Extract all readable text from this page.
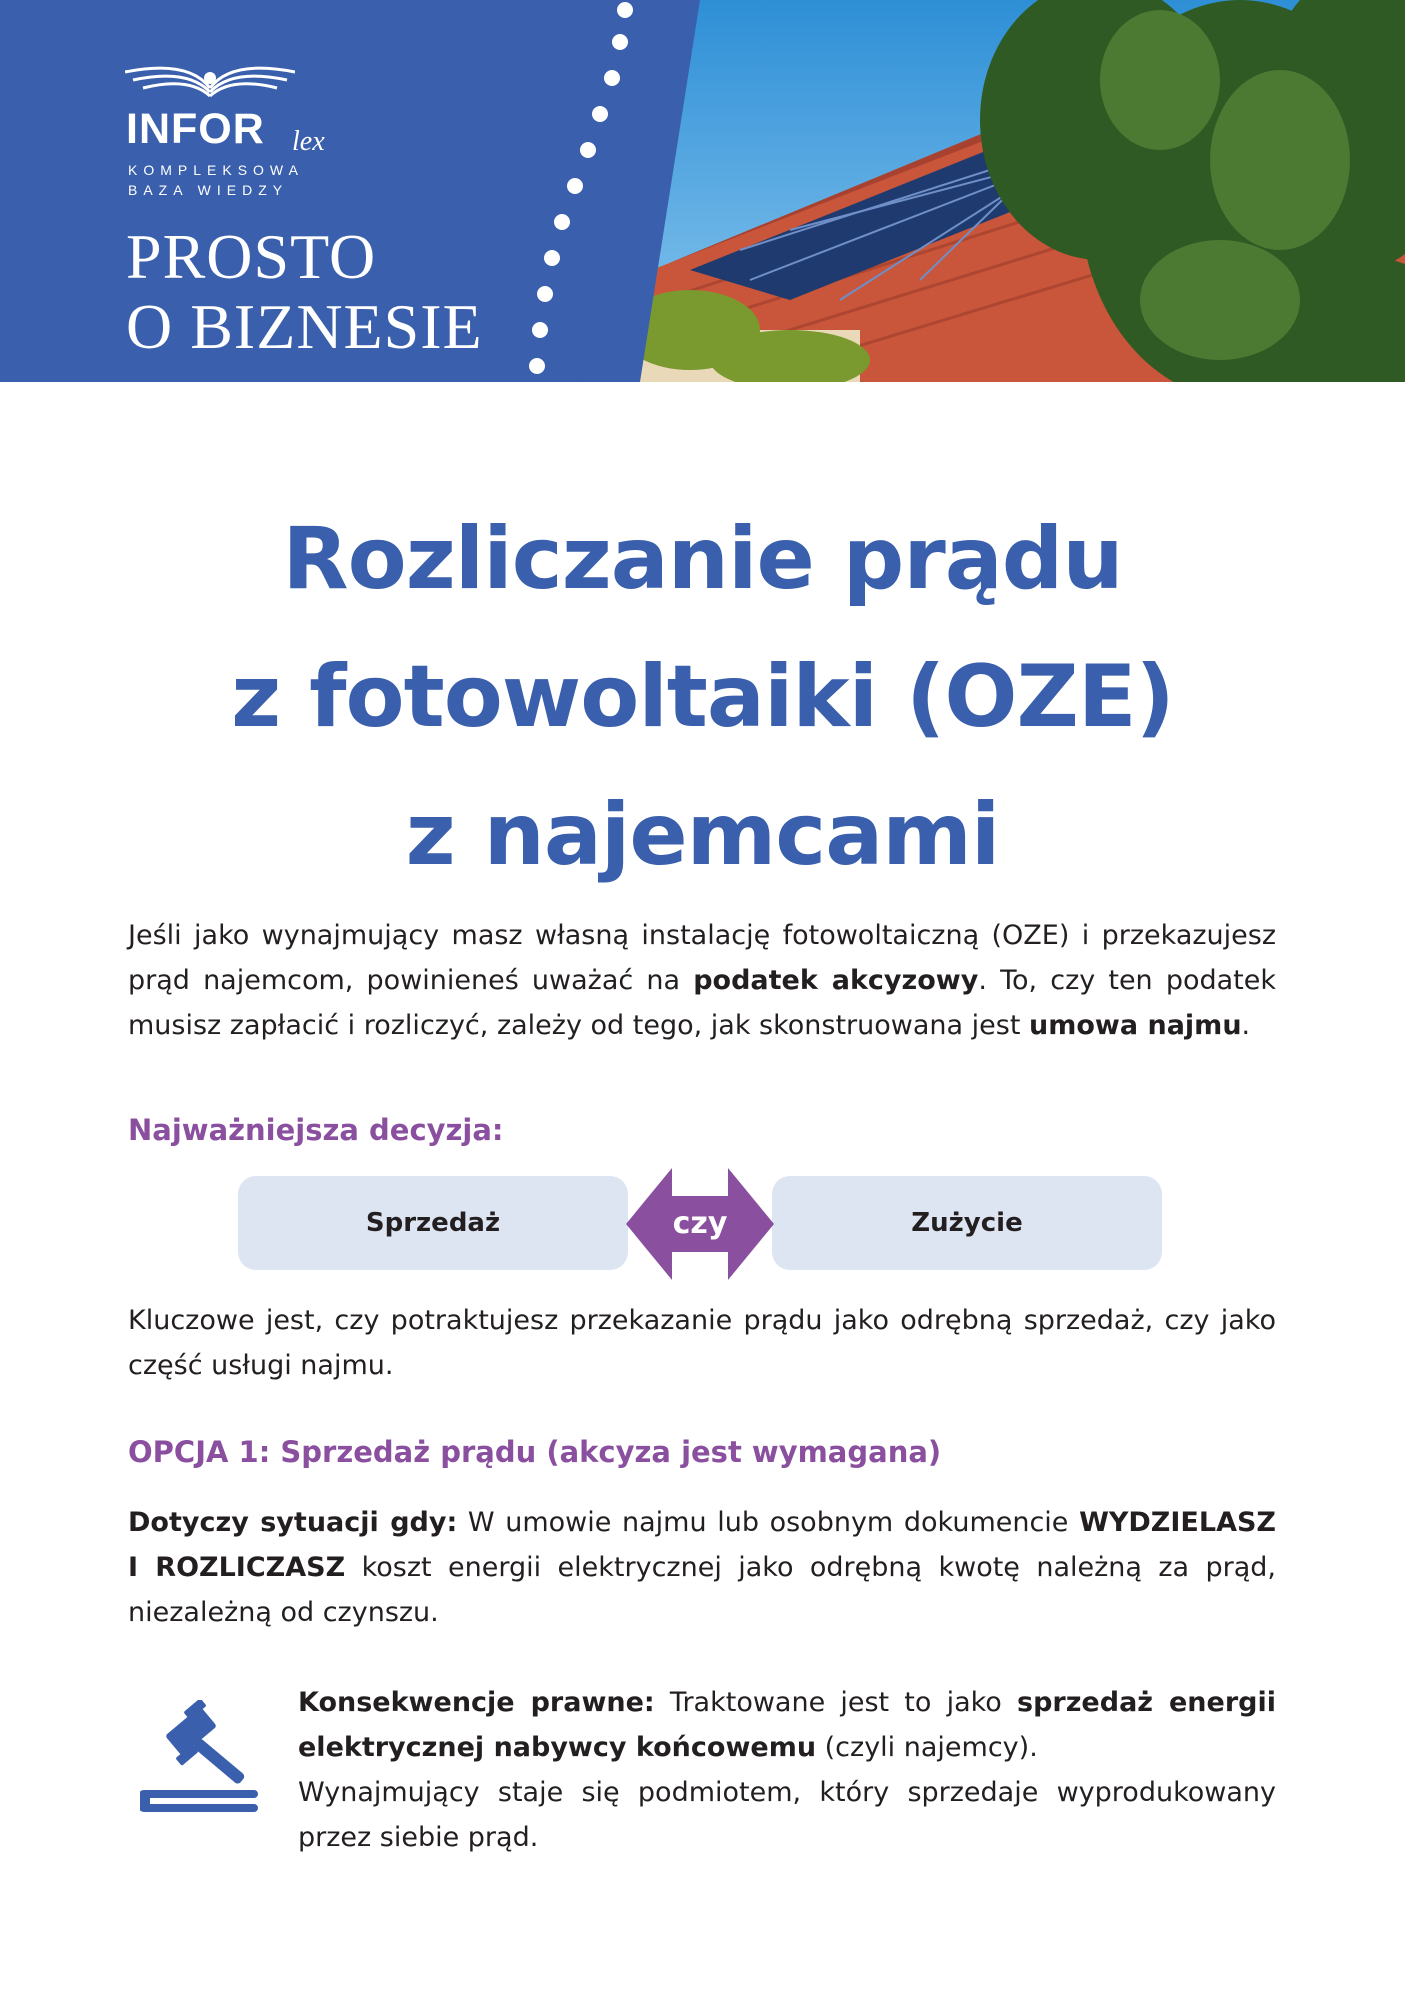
INFOR lex
KOMPLEKSOWA
BAZA WIEDZY
PROSTO
O BIZNESIE
Rozliczanie prądu
z fotowoltaiki (OZE)
z najemcami
Jeśli jako wynajmujący masz własną instalację fotowoltaiczną (OZE) i przekazujesz prąd najemcom, powinieneś uważać na podatek akcyzowy. To, czy ten podatek musisz zapłacić i rozliczyć, zależy od tego, jak skonstruowana jest umowa najmu.
Najważniejsza decyzja:
Sprzedaż	Zużycie
czy
Kluczowe jest, czy potraktujesz przekazanie prądu jako odrębną sprzedaż, czy jako część usługi najmu.
OPCJA 1: Sprzedaż prądu (akcyza jest wymagana)
Dotyczy sytuacji gdy: W umowie najmu lub osobnym dokumencie WYDZIELASZ I ROZLICZASZ koszt energii elektrycznej jako odrębną kwotę należną za prąd, niezależną od czynszu.
Konsekwencje prawne: Traktowane jest to jako sprzedaż energii elektrycznej nabywcy końcowemu (czyli najemcy).
Wynajmujący staje się podmiotem, który sprzedaje wyprodukowany przez siebie prąd.
